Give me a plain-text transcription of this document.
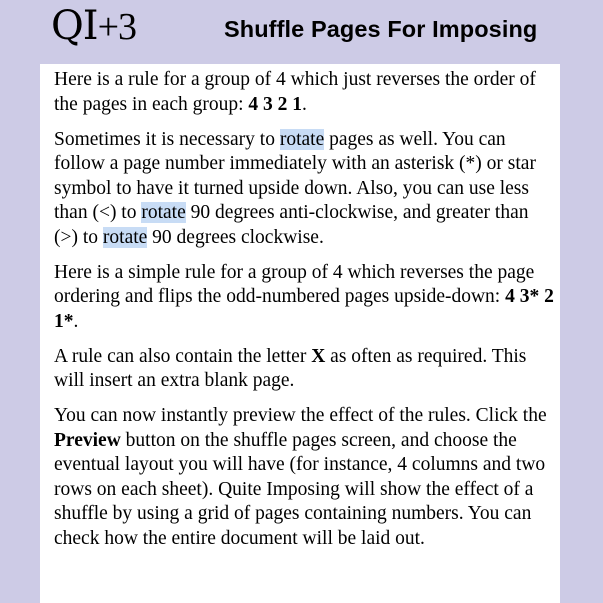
QI+3	Shuffle Pages For Imposing

Here is a rule for a group of 4 which just reverses the order of the pages in each group: 4 3 2 1.

Sometimes it is necessary to rotate pages as well. You can follow a page number immediately with an asterisk (*) or star symbol to have it turned upside down. Also, you can use less than (<) to rotate 90 degrees anti-clockwise, and greater than (>) to rotate 90 degrees clockwise.

Here is a simple rule for a group of 4 which reverses the page ordering and flips the odd-numbered pages upside-down: 4 3* 2 1*.

A rule can also contain the letter X as often as required. This will insert an extra blank page.

You can now instantly preview the effect of the rules. Click the Preview button on the shuffle pages screen, and choose the eventual layout you will have (for instance, 4 columns and two rows on each sheet). Quite Imposing will show the effect of a shuffle by using a grid of pages containing numbers. You can check how the entire document will be laid out.
